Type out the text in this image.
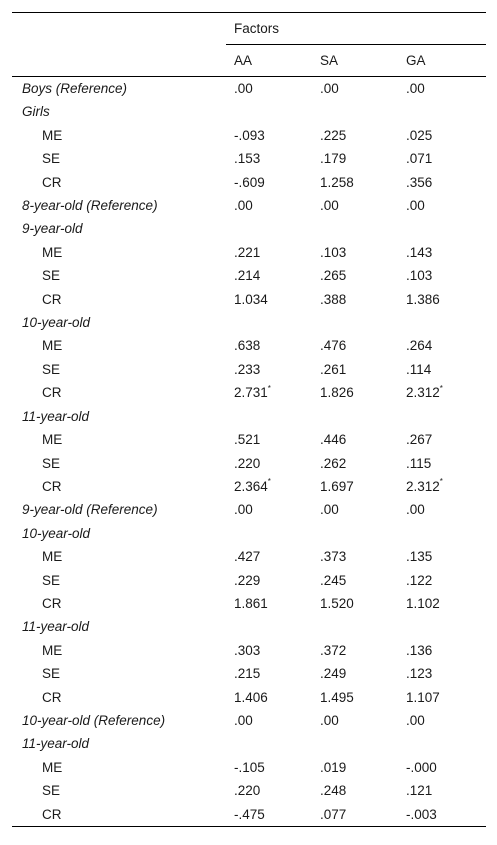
	Factors		
	AA	SA	GA
Boys (Reference)	.00	.00	.00
Girls			
ME	-.093	.225	.025
SE	.153	.179	.071
CR	-.609	1.258	.356
8-year-old (Reference)	.00	.00	.00
9-year-old			
ME	.221	.103	.143
SE	.214	.265	.103
CR	1.034	.388	1.386
10-year-old			
ME	.638	.476	.264
SE	.233	.261	.114
CR	2.731*	1.826	2.312*
11-year-old			
ME	.521	.446	.267
SE	.220	.262	.115
CR	2.364*	1.697	2.312*
9-year-old (Reference)	.00	.00	.00
10-year-old			
ME	.427	.373	.135
SE	.229	.245	.122
CR	1.861	1.520	1.102
11-year-old			
ME	.303	.372	.136
SE	.215	.249	.123
CR	1.406	1.495	1.107
10-year-old (Reference)	.00	.00	.00
11-year-old			
ME	-.105	.019	-.000
SE	.220	.248	.121
CR	-.475	.077	-.003
